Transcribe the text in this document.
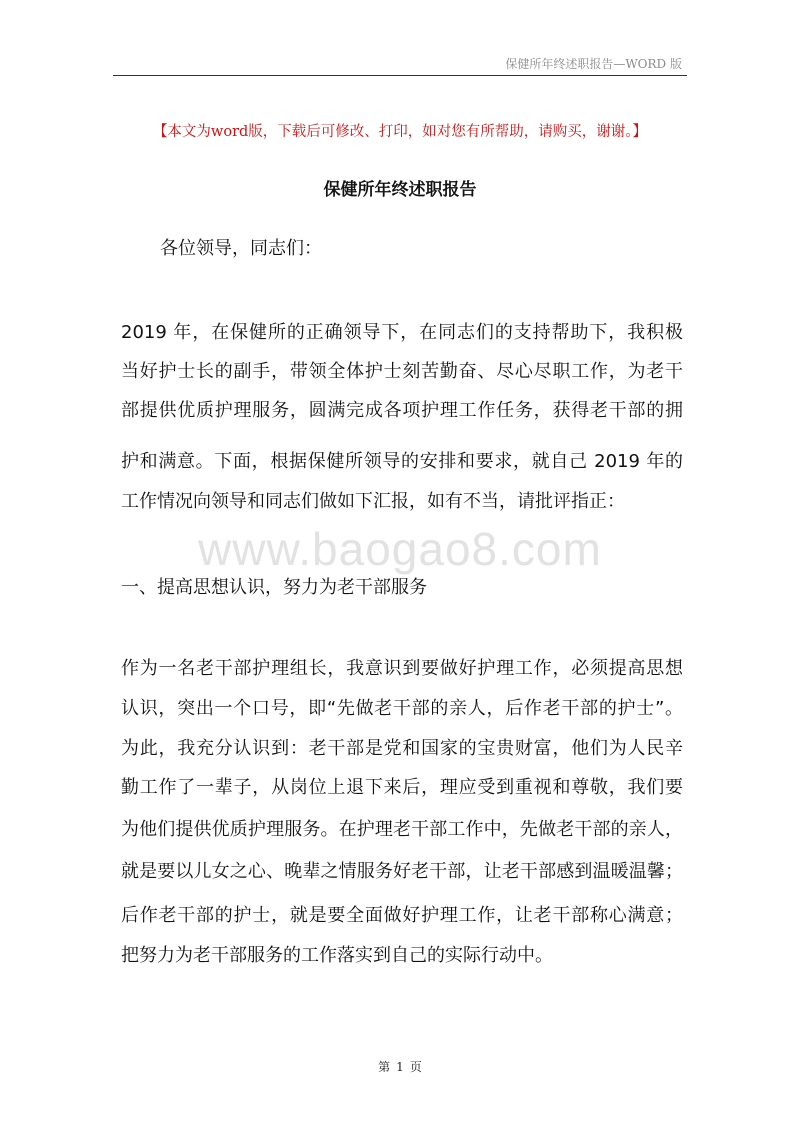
保健所年终述职报告—WORD 版
【本文为word版，下载后可修改、打印，如对您有所帮助，请购买，谢谢。】
保健所年终述职报告
各位领导，同志们：
2019 年，在保健所的正确领导下，在同志们的支持帮助下，我积极
当好护士长的副手，带领全体护士刻苦勤奋、尽心尽职工作，为老干
部提供优质护理服务，圆满完成各项护理工作任务，获得老干部的拥
护和满意。下面，根据保健所领导的安排和要求，就自己 2019 年的
工作情况向领导和同志们做如下汇报，如有不当，请批评指正：
www.baogao8.com
一、提高思想认识，努力为老干部服务
作为一名老干部护理组长，我意识到要做好护理工作，必须提高思想
认识，突出一个口号，即“先做老干部的亲人，后作老干部的护士”。
为此，我充分认识到：老干部是党和国家的宝贵财富，他们为人民辛
勤工作了一辈子，从岗位上退下来后，理应受到重视和尊敬，我们要
为他们提供优质护理服务。在护理老干部工作中，先做老干部的亲人，
就是要以儿女之心、晚辈之情服务好老干部，让老干部感到温暖温馨；
后作老干部的护士，就是要全面做好护理工作，让老干部称心满意；
把努力为老干部服务的工作落实到自己的实际行动中。
第 1 页
